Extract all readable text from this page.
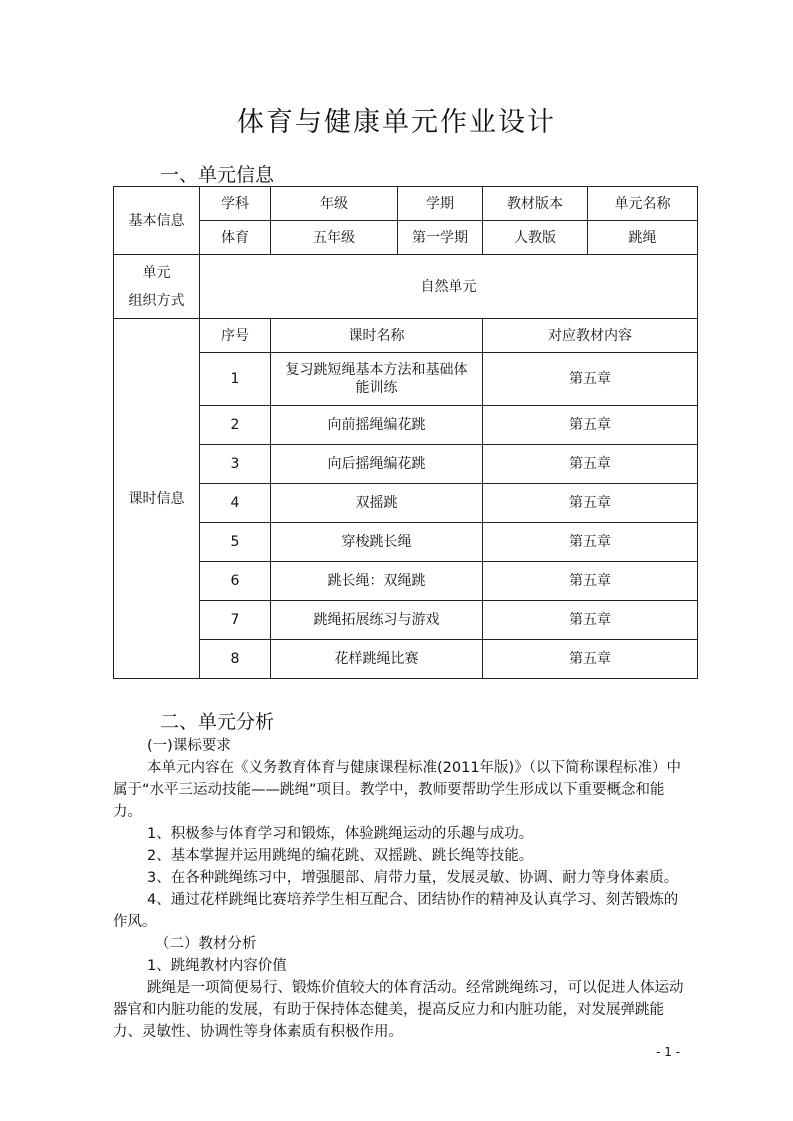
体育与健康单元作业设计
一、单元信息
基本信息	学科	年级	学期	教材版本	单元名称
	体育	五年级	第一学期	人教版	跳绳

单元
组织方式	自然单元				
课时信息	序号	课时名称		对应教材内容	
	1	复习跳短绳基本方法和基础体能训练		第五章	
	2	向前摇绳编花跳		第五章	
	3	向后摇绳编花跳		第五章	
	4	双摇跳		第五章	
	5	穿梭跳长绳		第五章	
	6	跳长绳：双绳跳		第五章	
	7	跳绳拓展练习与游戏		第五章	
	8	花样跳绳比赛		第五章	
二、单元分析

(一)课标要求

本单元内容在《义务教育体育与健康课程标准(2011年版)》（以下简称课程标准）中属于“水平三运动技能——跳绳”项目。教学中，教师要帮助学生形成以下重要概念和能力。

1、积极参与体育学习和锻炼，体验跳绳运动的乐趣与成功。

2、基本掌握并运用跳绳的编花跳、双摇跳、跳长绳等技能。

3、在各种跳绳练习中，增强腿部、肩带力量，发展灵敏、协调、耐力等身体素质。

4、通过花样跳绳比赛培养学生相互配合、团结协作的精神及认真学习、刻苦锻炼的作风。

（二）教材分析

1、跳绳教材内容价值

跳绳是一项简便易行、锻炼价值较大的体育活动。经常跳绳练习，可以促进人体运动器官和内脏功能的发展，有助于保持体态健美，提高反应力和内脏功能，对发展弹跳能力、灵敏性、协调性等身体素质有积极作用。

- 1 -
